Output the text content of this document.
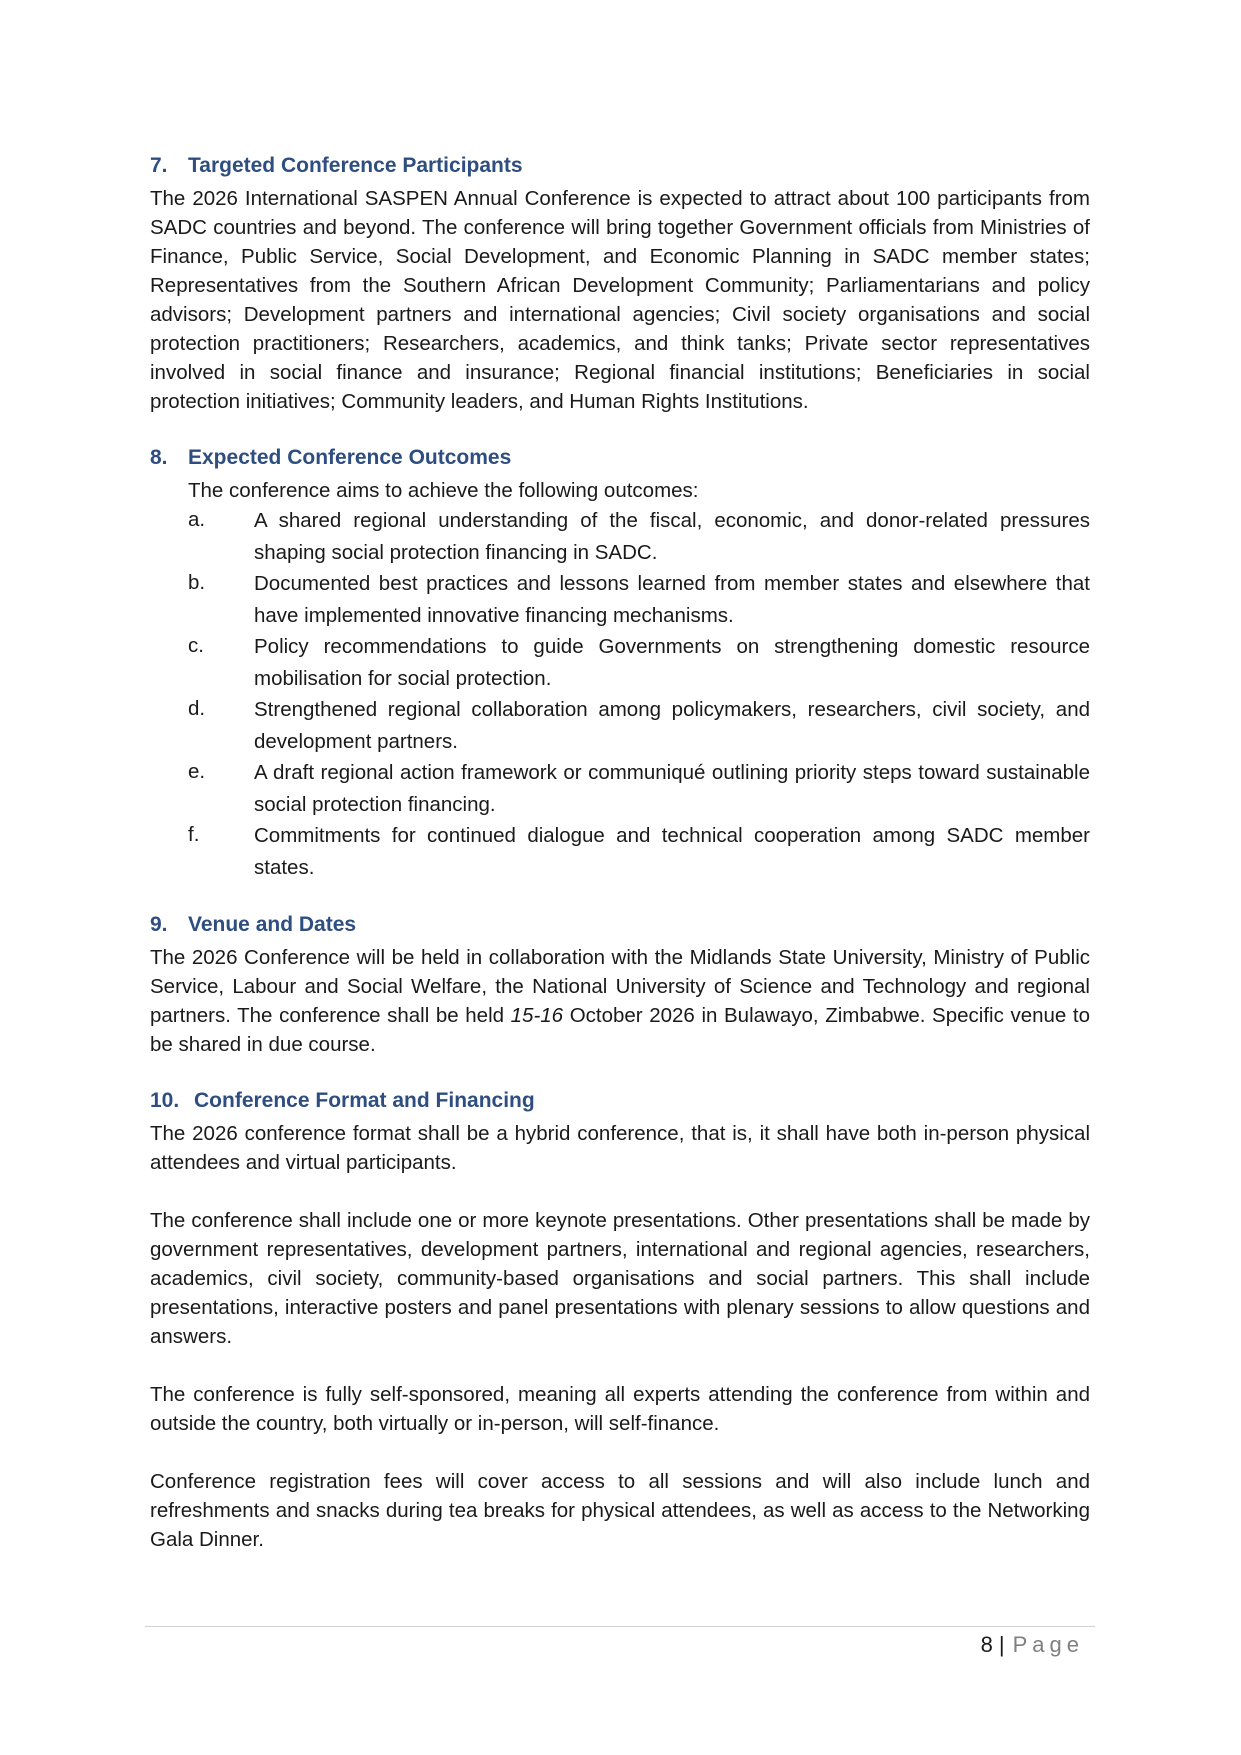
7. Targeted Conference Participants

The 2026 International SASPEN Annual Conference is expected to attract about 100 participants from SADC countries and beyond. The conference will bring together Government officials from Ministries of Finance, Public Service, Social Development, and Economic Planning in SADC member states; Representatives from the Southern African Development Community; Parliamentarians and policy advisors; Development partners and international agencies; Civil society organisations and social protection practitioners; Researchers, academics, and think tanks; Private sector representatives involved in social finance and insurance; Regional financial institutions; Beneficiaries in social protection initiatives; Community leaders, and Human Rights Institutions.

8. Expected Conference Outcomes

The conference aims to achieve the following outcomes:

a.	A shared regional understanding of the fiscal, economic, and donor-related pressures shaping social protection financing in SADC.
b.	Documented best practices and lessons learned from member states and elsewhere that have implemented innovative financing mechanisms.
c.	Policy recommendations to guide Governments on strengthening domestic resource mobilisation for social protection.
d.	Strengthened regional collaboration among policymakers, researchers, civil society, and development partners.
e.	A draft regional action framework or communiqué outlining priority steps toward sustainable social protection financing.
f.	Commitments for continued dialogue and technical cooperation among SADC member states.
9. Venue and Dates

The 2026 Conference will be held in collaboration with the Midlands State University, Ministry of Public Service, Labour and Social Welfare, the National University of Science and Technology and regional partners. The conference shall be held 15-16 October 2026 in Bulawayo, Zimbabwe. Specific venue to be shared in due course.

10. Conference Format and Financing

The 2026 conference format shall be a hybrid conference, that is, it shall have both in-person physical attendees and virtual participants.

The conference shall include one or more keynote presentations. Other presentations shall be made by government representatives, development partners, international and regional agencies, researchers, academics, civil society, community-based organisations and social partners. This shall include presentations, interactive posters and panel presentations with plenary sessions to allow questions and answers.

The conference is fully self-sponsored, meaning all experts attending the conference from within and outside the country, both virtually or in-person, will self-finance.

Conference registration fees will cover access to all sessions and will also include lunch and refreshments and snacks during tea breaks for physical attendees, as well as access to the Networking Gala Dinner.

8 | Page
